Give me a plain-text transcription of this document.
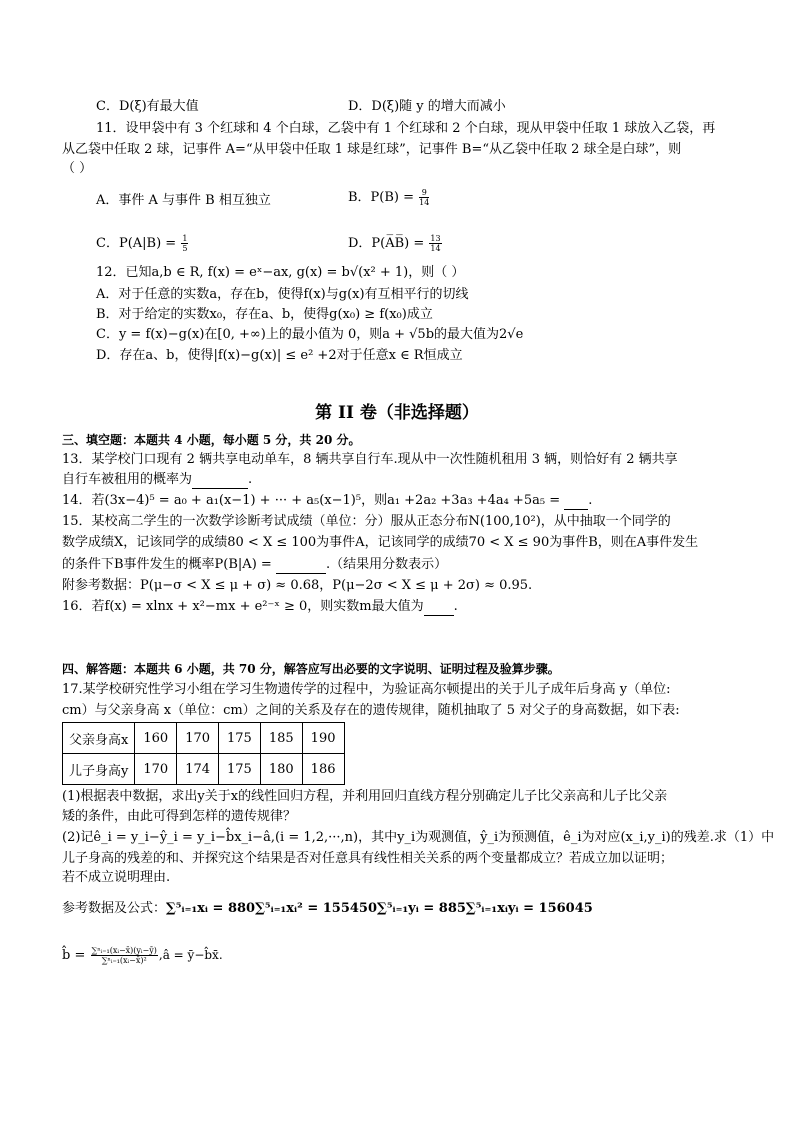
C．D(ξ)有最大值	D．D(ξ)随 y 的增大而减小
11．设甲袋中有 3 个红球和 4 个白球，乙袋中有 1 个红球和 2 个白球，现从甲袋中任取 1 球放入乙袋，再
从乙袋中任取 2 球，记事件 A=“从甲袋中任取 1 球是红球”，记事件 B=“从乙袋中任取 2 球全是白球”，则
（ ）
A．事件 A 与事件 B 相互独立	B．$P(B) = \frac{9}{14}$
C．$P(A|B) = \frac{1}{5}$	D．P(A̅B̅) = $\frac{13}{14}$
12．已知a,b ∈ R, f(x) = eˣ−ax, g(x) = b√(x² + 1)，则（ ）
A．对于任意的实数a，存在b，使得f(x)与g(x)有互相平行的切线
B．对于给定的实数x₀，存在a、b，使得g(x₀) ≥ f(x₀)成立
C．y = f(x)−g(x)在[0, +∞)上的最小值为 0，则a + √5b的最大值为2√e
D．存在a、b，使得|f(x)−g(x)| ≤ e² +2对于任意x ∈ R恒成立
第 II 卷（非选择题）
三、填空题：本题共 4 小题，每小题 5 分，共 20 分。
13．某学校门口现有 2 辆共享电动单车，8 辆共享自行车.现从中一次性随机租用 3 辆，则恰好有 2 辆共享
自行车被租用的概率为	.
14．若(3x−4)⁵ = a₀ + a₁(x−1) + ··· + a₅(x−1)⁵，则a₁ +2a₂ +3a₃ +4a₄ +5a₅ = .
15．某校高二学生的一次数学诊断考试成绩（单位：分）服从正态分布N(100,10²)，从中抽取一个同学的
数学成绩X，记该同学的成绩80 < X ≤ 100为事件A，记该同学的成绩70 < X ≤ 90为事件B，则在A事件发生
的条件下B事件发生的概率P(B|A) =	.（结果用分数表示）
附参考数据：P(μ−σ < X ≤ μ + σ) ≈ 0.68，P(μ−2σ < X ≤ μ + 2σ) ≈ 0.95.
16．若f(x) = xlnx + x²−mx + e²⁻ˣ ≥ 0，则实数m最大值为 .
四、解答题：本题共 6 小题，共 70 分，解答应写出必要的文字说明、证明过程及验算步骤。
17.某学校研究性学习小组在学习生物遗传学的过程中，为验证高尔顿提出的关于儿子成年后身高 y（单位:
cm）与父亲身高 x（单位：cm）之间的关系及存在的遗传规律，随机抽取了 5 对父子的身高数据，如下表:
父亲身高x	160	170	175	185	190
儿子身高y	170	174	175	180	186
(1)根据表中数据，求出y关于x的线性回归方程，并利用回归直线方程分别确定儿子比父亲高和儿子比父亲
矮的条件，由此可得到怎样的遗传规律？
(2)记ê_i = y_i−ŷ_i = y_i−b̂x_i−â,(i = 1,2,···,n)，其中y_i为观测值，ŷ_i为预测值，ê_i为对应(x_i,y_i)的残差.求（1）中
儿子身高的残差的和、并探究这个结果是否对任意具有线性相关关系的两个变量都成立？若成立加以证明；
若不成立说明理由.
参考数据及公式：∑⁵ᵢ₌₁xᵢ = 880∑⁵ᵢ₌₁xᵢ² = 155450∑⁵ᵢ₌₁yᵢ = 885∑⁵ᵢ₌₁xᵢyᵢ = 156045
b̂ = $\frac{\text{∑ⁿᵢ₌₁(xᵢ−x̄)(yᵢ−ȳ)}}{\text{∑ⁿᵢ₌₁(xᵢ−x̄)²}}$ ,â = ȳ−b̂x̄.
